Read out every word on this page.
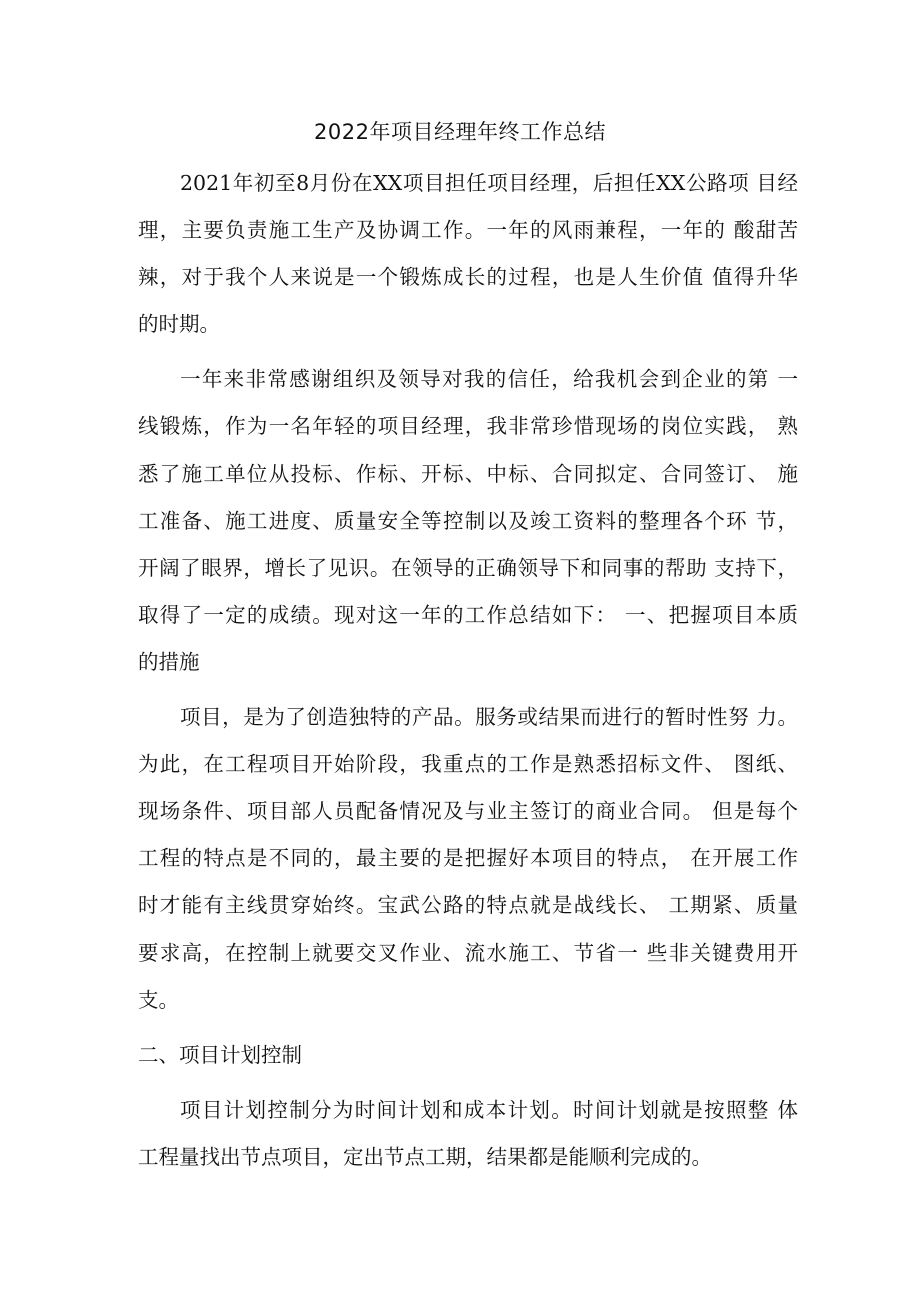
2022年项目经理年终工作总结
2021年初至8月份在XX项目担任项目经理，后担任XX公路项 目经
理，主要负责施工生产及协调工作。一年的风雨兼程，一年的 酸甜苦
辣，对于我个人来说是一个锻炼成长的过程，也是人生价值 值得升华
的时期。
一年来非常感谢组织及领导对我的信任，给我机会到企业的第 一
线锻炼，作为一名年轻的项目经理，我非常珍惜现场的岗位实践， 熟
悉了施工单位从投标、作标、开标、中标、合同拟定、合同签订、 施
工准备、施工进度、质量安全等控制以及竣工资料的整理各个环 节，
开阔了眼界，增长了见识。在领导的正确领导下和同事的帮助 支持下，
取得了一定的成绩。现对这一年的工作总结如下： 一、把握项目本质
的措施
项目，是为了创造独特的产品。服务或结果而进行的暂时性努 力。
为此，在工程项目开始阶段，我重点的工作是熟悉招标文件、 图纸、
现场条件、项目部人员配备情况及与业主签订的商业合同。 但是每个
工程的特点是不同的，最主要的是把握好本项目的特点， 在开展工作
时才能有主线贯穿始终。宝武公路的特点就是战线长、 工期紧、质量
要求高，在控制上就要交叉作业、流水施工、节省一 些非关键费用开
支。
二、项目计划控制
项目计划控制分为时间计划和成本计划。时间计划就是按照整 体
工程量找出节点项目，定出节点工期，结果都是能顺利完成的。
